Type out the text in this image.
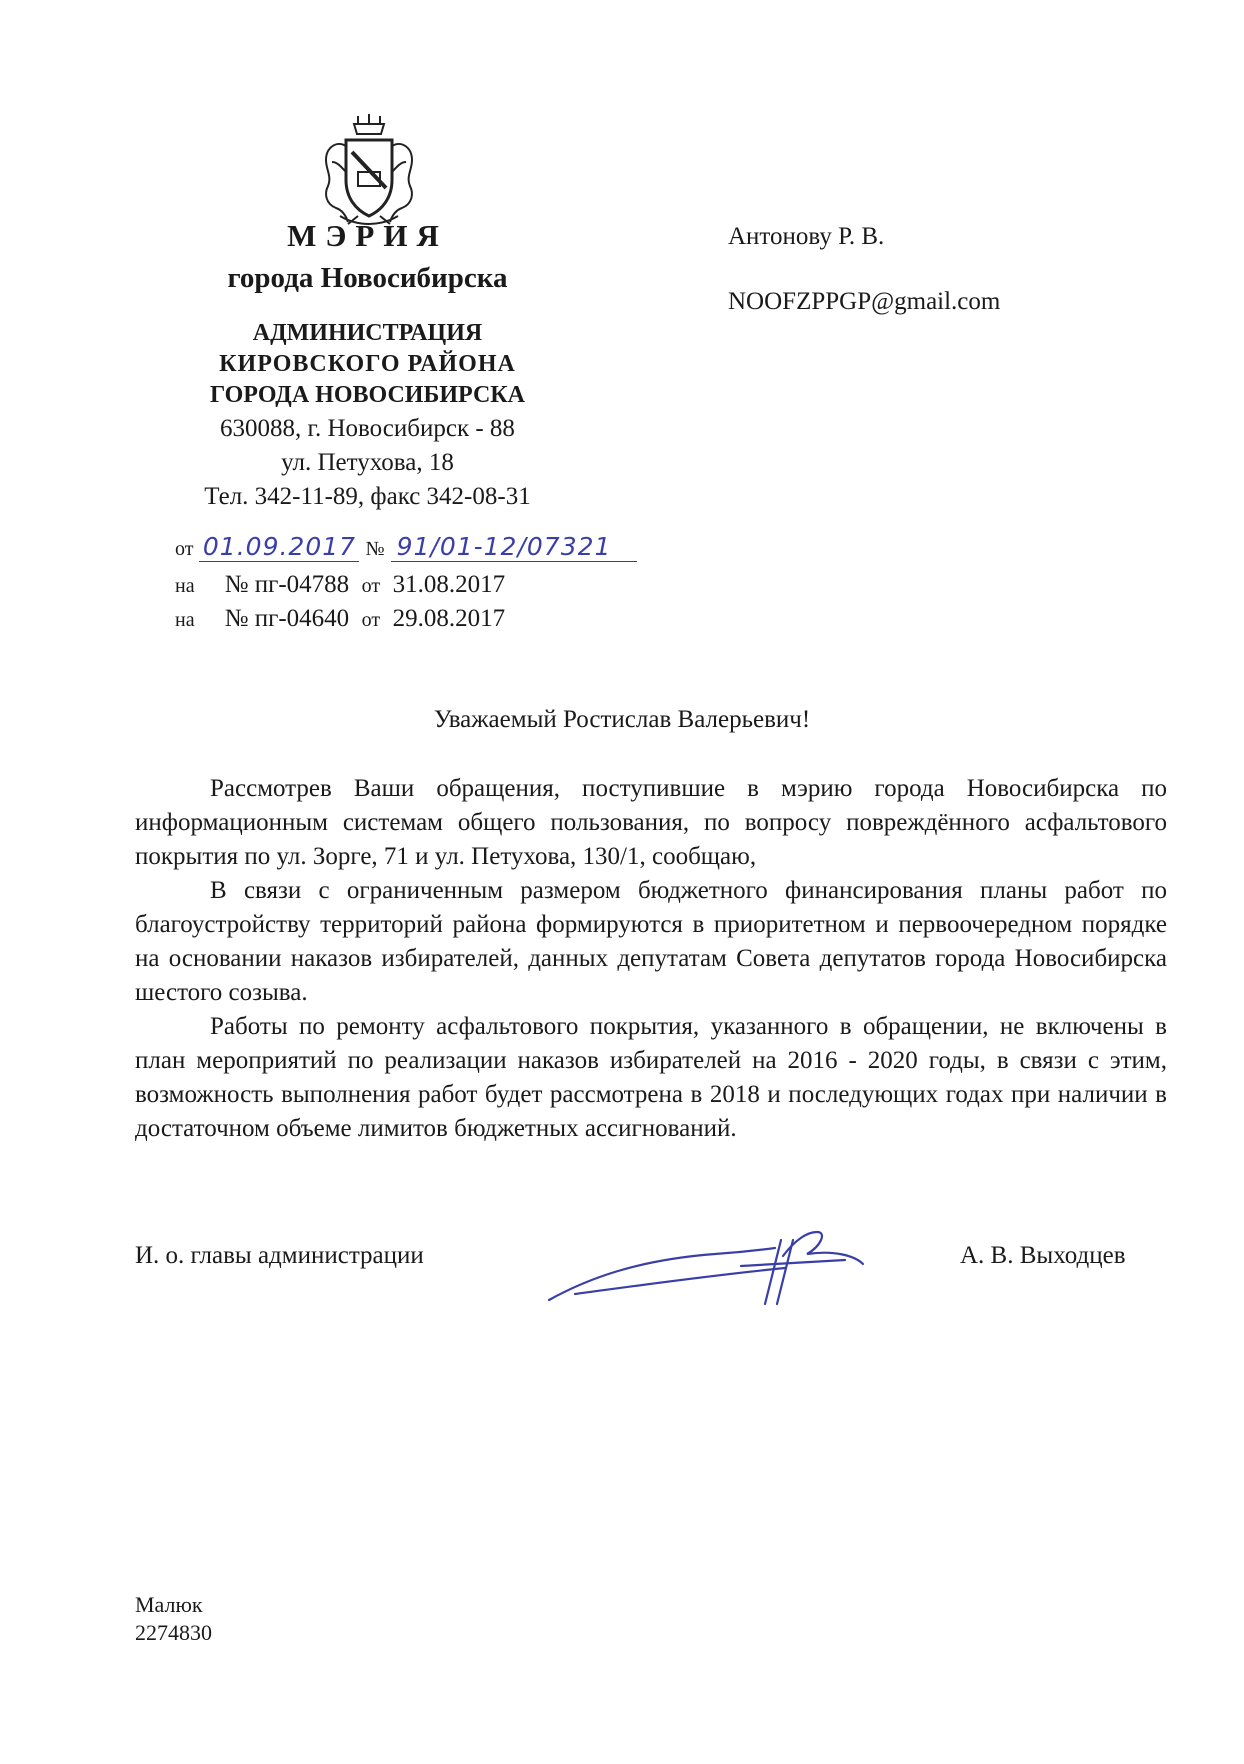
МЭРИЯ
города Новосибирска
АДМИНИСТРАЦИЯ
КИРОВСКОГО РАЙОНА
ГОРОДА НОВОСИБИРСКА
630088, г. Новосибирск - 88
ул. Петухова, 18
Тел. 342-11-89, факс 342-08-31
от 01.09.2017 № 91/01-12/07321
на № пг-04788 от 31.08.2017
на № пг-04640 от 29.08.2017
Антонову Р. В.
NOOFZPPGP@gmail.com
Уважаемый Ростислав Валерьевич!

Рассмотрев Ваши обращения, поступившие в мэрию города Новосибирска по информационным системам общего пользования, по вопросу повреждённого асфальтового покрытия по ул. Зорге, 71 и ул. Петухова, 130/1, сообщаю,

В связи с ограниченным размером бюджетного финансирования планы работ по благоустройству территорий района формируются в приоритетном и первоочередном порядке на основании наказов избирателей, данных депутатам Совета депутатов города Новосибирска шестого созыва.

Работы по ремонту асфальтового покрытия, указанного в обращении, не включены в план мероприятий по реализации наказов избирателей на 2016 - 2020 годы, в связи с этим, возможность выполнения работ будет рассмотрена в 2018 и последующих годах при наличии в достаточном объеме лимитов бюджетных ассигнований.

И. о. главы администрации	А. В. Выходцев
Малюк
2274830
